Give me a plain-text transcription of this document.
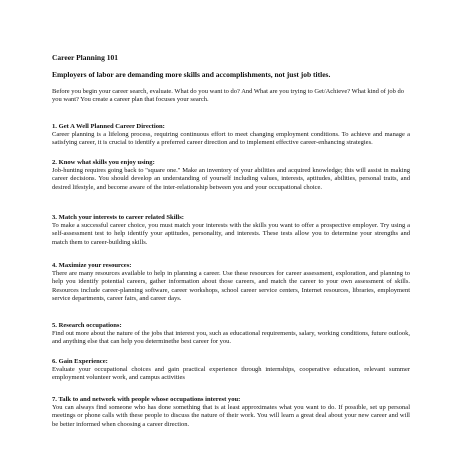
Career Planning 101
Employers of labor are demanding more skills and accomplishments, not just job titles.
Before you begin your career search, evaluate. What do you want to do? And What are you trying to Get/Achieve? What kind of job do you want? You create a career plan that focuses your search.

1. Get A Well Planned Career Direction:

Career planning is a lifelong process, requiring continuous effort to meet changing employment conditions. To achieve and manage a satisfying career, it is crucial to identify a preferred career direction and to implement effective career-enhancing strategies.

2. Know what skills you enjoy using:

Job-hunting requires going back to "square one." Make an inventory of your abilities and acquired knowledge; this will assist in making career decisions. You should develop an understanding of yourself including values, interests, aptitudes, abilities, personal traits, and desired lifestyle, and become aware of the inter-relationship between you and your occupational choice.

3. Match your interests to career related Skills:

To make a successful career choice, you must match your interests with the skills you want to offer a prospective employer. Try using a self-assessment test to help identify your aptitudes, personality, and interests. These tests allow you to determine your strengths and match them to career-building skills.

4. Maximize your resources:

There are many resources available to help in planning a career. Use these resources for career assessment, exploration, and planning to help you identify potential careers, gather information about those careers, and match the career to your own assessment of skills. Resources include career-planning software, career workshops, school career service centers, Internet resources, libraries, employment service departments, career fairs, and career days.

5. Research occupations:

Find out more about the nature of the jobs that interest you, such as educational requirements, salary, working conditions, future outlook, and anything else that can help you determinethe best career for you.

6. Gain Experience:

Evaluate your occupational choices and gain practical experience through internships, cooperative education, relevant summer employment volunteer work, and campus activities

7. Talk to and network with people whose occupations interest you:

You can always find someone who has done something that is at least approximates what you want to do. If possible, set up personal meetings or phone calls with these people to discuss the nature of their work. You will learn a great deal about your new career and will be better informed when choosing a career direction.
